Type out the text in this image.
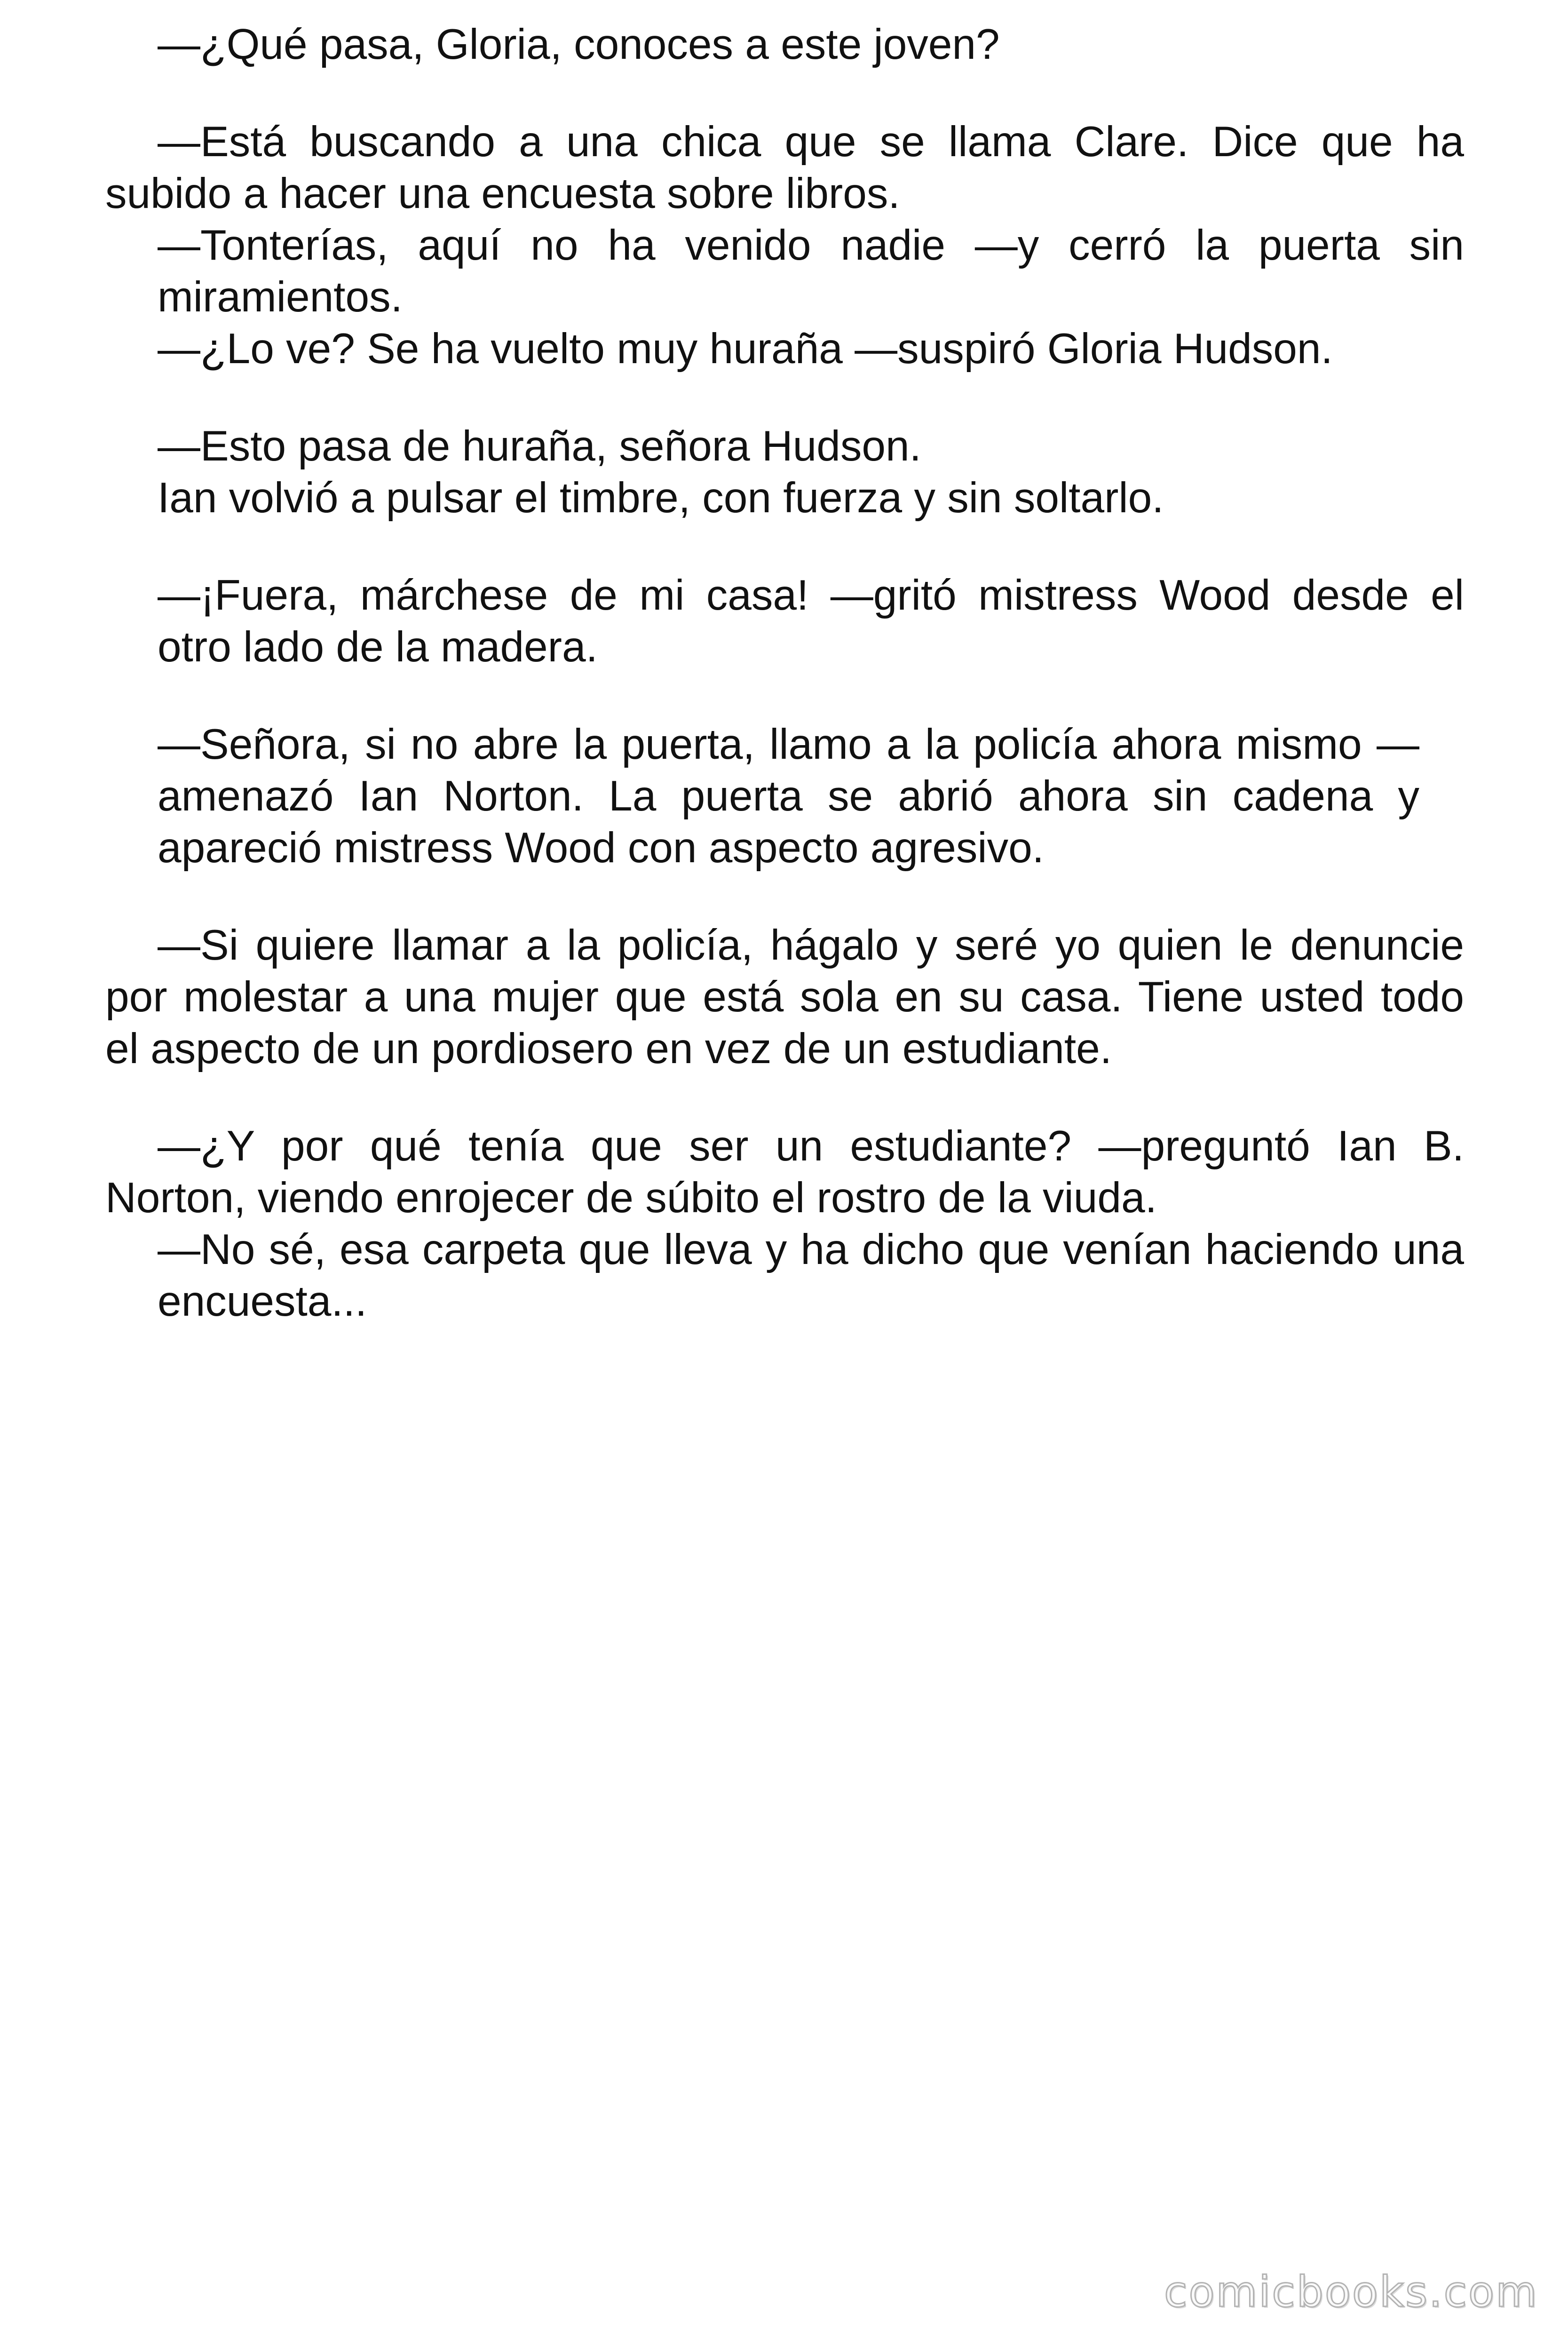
—¿Qué pasa, Gloria, conoces a este joven?
—Está buscando a una chica que se llama Clare. Dice que ha
subido a hacer una encuesta sobre libros.
—Tonterías, aquí no ha venido nadie —y cerró la puerta sin
miramientos.
—¿Lo ve? Se ha vuelto muy huraña —suspiró Gloria Hudson.
—Esto pasa de huraña, señora Hudson.
Ian volvió a pulsar el timbre, con fuerza y sin soltarlo.
—¡Fuera, márchese de mi casa! —gritó mistress Wood desde el
otro lado de la madera.
—Señora, si no abre la puerta, llamo a la policía ahora mismo —
amenazó Ian Norton. La puerta se abrió ahora sin cadena y
apareció mistress Wood con aspecto agresivo.
—Si quiere llamar a la policía, hágalo y seré yo quien le denuncie
por molestar a una mujer que está sola en su casa. Tiene usted todo
el aspecto de un pordiosero en vez de un estudiante.
—¿Y por qué tenía que ser un estudiante? —preguntó Ian B.
Norton, viendo enrojecer de súbito el rostro de la viuda.
—No sé, esa carpeta que lleva y ha dicho que venían haciendo una
encuesta...
comicbooks.com
